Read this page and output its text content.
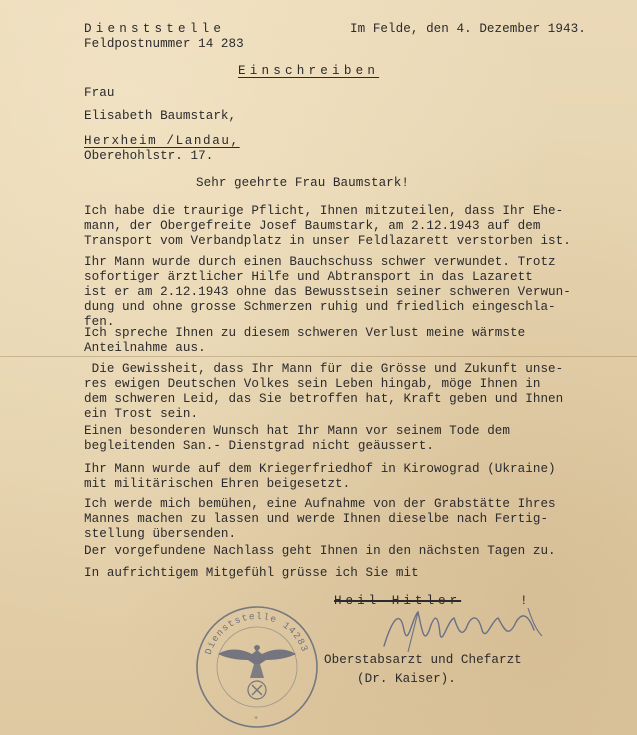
Dienststelle
Feldpostnummer 14 283
Im Felde, den 4. Dezember 1943.
Einschreiben
Frau
Elisabeth Baumstark,
Herxheim /Landau,
Oberehohlstr. 17.
Sehr geehrte Frau Baumstark!
Ich habe die traurige Pflicht, Ihnen mitzuteilen, dass Ihr Ehe-
mann, der Obergefreite Josef Baumstark, am 2.12.1943 auf dem
Transport vom Verbandplatz in unser Feldlazarett verstorben ist.
Ihr Mann wurde durch einen Bauchschuss schwer verwundet. Trotz
sofortiger ärztlicher Hilfe und Abtransport in das Lazarett
ist er am 2.12.1943 ohne das Bewusstsein seiner schweren Verwun-
dung und ohne grosse Schmerzen ruhig und friedlich eingeschla-
fen.
Ich spreche Ihnen zu diesem schweren Verlust meine wärmste
Anteilnahme aus.
Die Gewissheit, dass Ihr Mann für die Grösse und Zukunft unse-
res ewigen Deutschen Volkes sein Leben hingab, möge Ihnen in
dem schweren Leid, das Sie betroffen hat, Kraft geben und Ihnen
ein Trost sein.
Einen besonderen Wunsch hat Ihr Mann vor seinem Tode dem
begleitenden San.- Dienstgrad nicht geäussert.
Ihr Mann wurde auf dem Kriegerfriedhof in Kirowograd (Ukraine)
mit militärischen Ehren beigesetzt.
Ich werde mich bemühen, eine Aufnahme von der Grabstätte Ihres
Mannes machen zu lassen und werde Ihnen dieselbe nach Fertig-
stellung übersenden.
Der vorgefundene Nachlass geht Ihnen in den nächsten Tagen zu.
In aufrichtigem Mitgefühl grüsse ich Sie mit
Heil Hitler	!
Oberstabsarzt und Chefarzt
(Dr. Kaiser).
Dienststelle 14283
+
